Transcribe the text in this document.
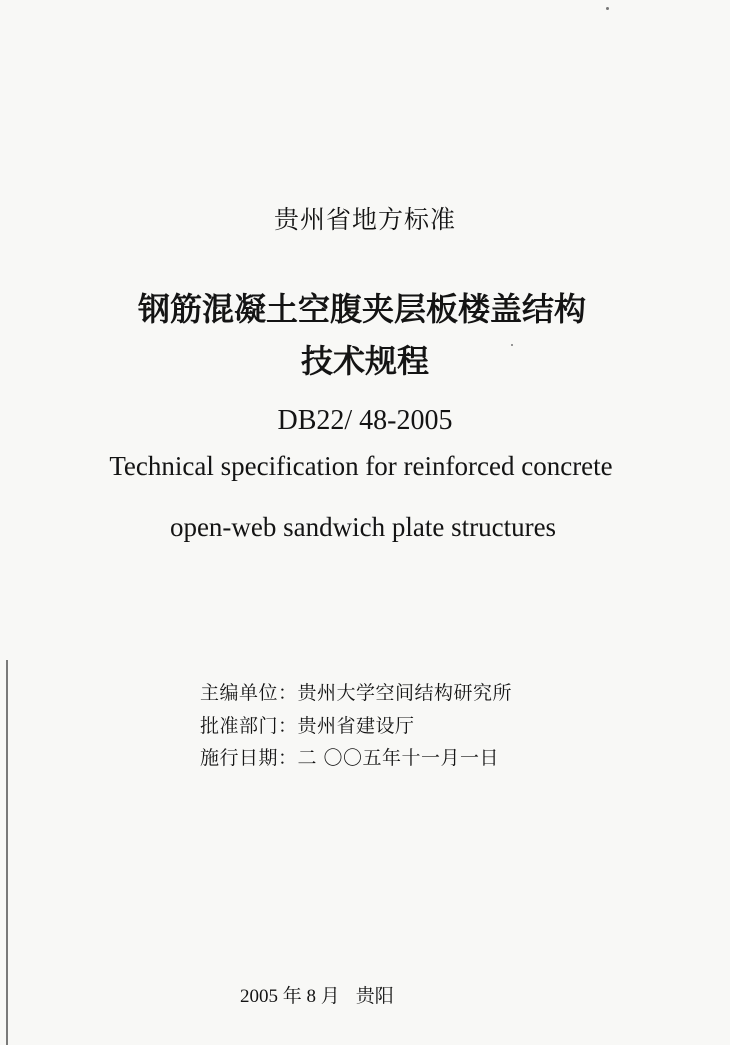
贵州省地方标准
钢筋混凝土空腹夹层板楼盖结构
技术规程
DB22/ 48-2005
Technical specification for reinforced concrete
open-web sandwich plate structures
主编单位：贵州大学空间结构研究所
批准部门：贵州省建设厅
施行日期：二 〇〇五年十一月一日
2005 年 8 月 贵阳
